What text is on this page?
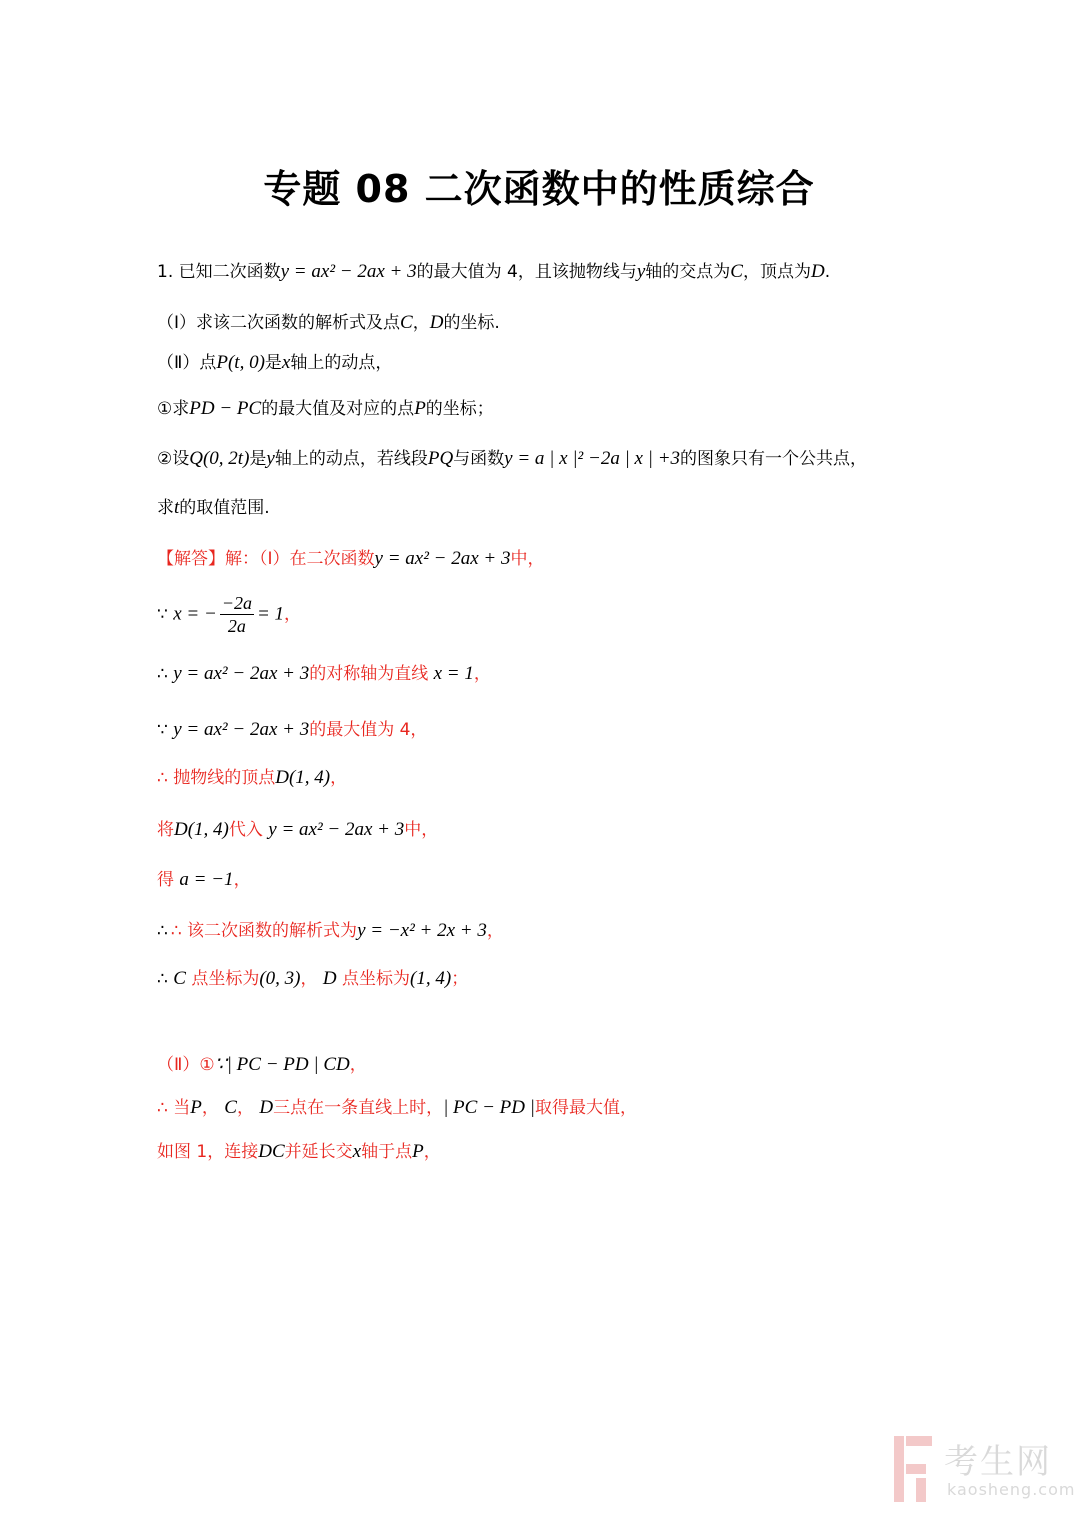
专题 08 二次函数中的性质综合
1. 已知二次函数y = ax² − 2ax + 3的最大值为 4，且该抛物线与y轴的交点为C，顶点为D.
（Ⅰ）求该二次函数的解析式及点C，D的坐标.
（Ⅱ）点P(t, 0)是x轴上的动点，
①求PD − PC的最大值及对应的点P的坐标；
②设Q(0, 2t)是y轴上的动点，若线段PQ与函数y = a | x |² −2a | x | +3的图象只有一个公共点，
求t的取值范围.
【解答】解：（Ⅰ）在二次函数y = ax² − 2ax + 3中，
∵ x = − $\frac{-2a}{2a} = 1$，
∴ y = ax² − 2ax + 3的对称轴为直线 x = 1，
∵ y = ax² − 2ax + 3的最大值为 4，
∴ 抛物线的顶点D(1, 4)，
将D(1, 4)代入 y = ax² − 2ax + 3中，
得 a = −1，
∴ ∴ 该二次函数的解析式为y = −x² + 2x + 3，
∴ C 点坐标为(0, 3)， D 点坐标为(1, 4)；
（Ⅱ）①∵| PC − PD | CD，
∴ 当P， C， D三点在一条直线上时，| PC − PD |取得最大值，
如图 1，连接DC并延长交x轴于点P，
考生网
kaosheng.com
